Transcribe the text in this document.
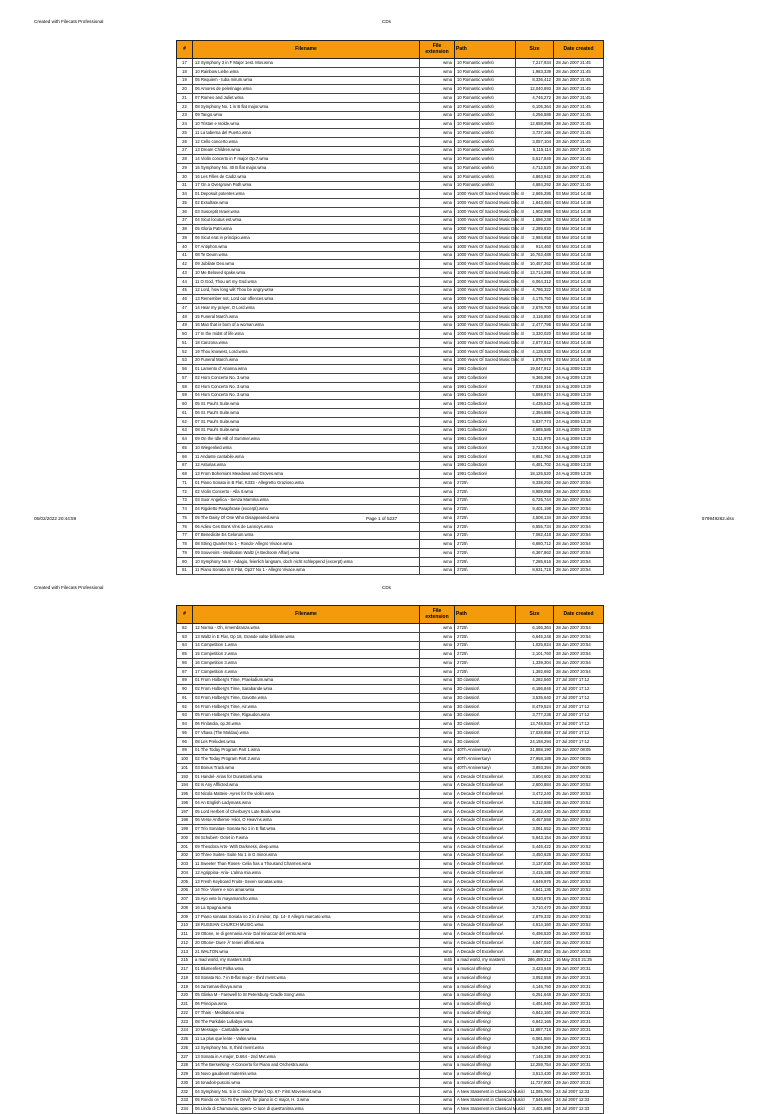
Created with Filecats Professional	CDs
#	Filename	File extension	Path	Size	Date created
17	12 Symphony 3 in F Major 1est. Mov.wma	wma	10 Romantic works\	7,217,934	28 Jun 2007 21:45
18	10 Rainbow Liebe.wma	wma	10 Romantic works\	1,983,339	28 Jun 2007 21:45
19	05 Requiem - tuba mirum.wma	wma	10 Romantic works\	8,336,412	28 Jun 2007 21:45
20	06 Amores de pelerinage.wma	wma	10 Romantic works\	12,040,893	28 Jun 2007 21:45
21	07 Romeo and Juliet.wma	wma	10 Romantic works\	4,746,272	28 Jun 2007 21:45
22	08 Symphony No. 1 in B flat major.wma	wma	10 Romantic works\	6,105,364	28 Jun 2007 21:45
23	09 Tango.wma	wma	10 Romantic works\	4,256,586	28 Jun 2007 21:45
24	10 Tristan e Isolde.wma	wma	10 Romantic works\	12,658,286	28 Jun 2007 21:45
25	11 La taberna del Puerto.wma	wma	10 Romantic works\	3,727,166	28 Jun 2007 21:45
26	12 Cello concerto.wma	wma	10 Romantic works\	3,057,104	28 Jun 2007 21:45
27	13 Dream Children.wma	wma	10 Romantic works\	5,115,114	28 Jun 2007 21:45
28	14 Violin concerto in F major Op.7.wma	wma	10 Romantic works\	5,517,849	28 Jun 2007 21:45
29	15 Symphony No. 40 B flat major.wma	wma	10 Romantic works\	4,712,520	28 Jun 2007 21:45
30	16 Les Filles de Cadiz.wma	wma	10 Romantic works\	4,863,942	28 Jun 2007 21:45
31	17 On a Overgrown Path.wma	wma	10 Romantic works\	4,684,292	28 Jun 2007 21:45
34	01 Deposuit potentes.wma	wma	1000 Years Of Sacred Music Disc 4\	2,665,286	03 Mar 2014 14:48
35	02 Exsultate.wma	wma	1000 Years Of Sacred Music Disc 4\	1,843,484	03 Mar 2014 14:48
36	03 Susceptit Israel.wma	wma	1000 Years Of Sacred Music Disc 4\	1,902,986	03 Mar 2014 14:48
37	04 Sicut locutus est.wma	wma	1000 Years Of Sacred Music Disc 4\	1,686,238	03 Mar 2014 14:48
38	05 Gloria Patri.wma	wma	1000 Years Of Sacred Music Disc 4\	2,289,820	03 Mar 2014 14:48
39	06 Sicut erat in principio.wma	wma	1000 Years Of Sacred Music Disc 4\	2,984,658	03 Mar 2014 14:48
40	07 Antiphon.wma	wma	1000 Years Of Sacred Music Disc 4\	914,460	03 Mar 2014 14:48
41	08 Te Deum.wma	wma	1000 Years Of Sacred Music Disc 4\	16,763,488	03 Mar 2014 14:48
42	09 Jubilate Deo.wma	wma	1000 Years Of Sacred Music Disc 4\	10,457,262	03 Mar 2014 14:48
43	10 Me Beloved spake.wma	wma	1000 Years Of Sacred Music Disc 4\	13,714,288	03 Mar 2014 14:48
44	11 O God, Thou art my God.wma	wma	1000 Years Of Sacred Music Disc 4\	6,064,312	03 Mar 2014 14:48
45	12 Lord, how long wilt Thou be angry.wma	wma	1000 Years Of Sacred Music Disc 4\	4,786,322	03 Mar 2014 14:48
46	13 Remember not, Lord our offences.wma	wma	1000 Years Of Sacred Music Disc 4\	4,175,750	03 Mar 2014 14:48
47	14 Hear my prayer, O Lord.wma	wma	1000 Years Of Sacred Music Disc 4\	2,676,700	03 Mar 2014 14:48
48	15 Funeral March.wma	wma	1000 Years Of Sacred Music Disc 4\	3,116,850	03 Mar 2014 14:48
49	16 Man that is born of a woman.wma	wma	1000 Years Of Sacred Music Disc 4\	2,477,798	03 Mar 2014 14:48
50	17 In the midst of life.wma	wma	1000 Years Of Sacred Music Disc 4\	3,330,020	03 Mar 2014 14:48
51	18 Canzona.wma	wma	1000 Years Of Sacred Music Disc 4\	2,677,812	03 Mar 2014 14:48
52	19 Thou knowest, Lord.wma	wma	1000 Years Of Sacred Music Disc 4\	4,128,632	03 Mar 2014 14:48
53	20 Funeral March.wma	wma	1000 Years Of Sacred Music Disc 4\	1,876,078	03 Mar 2014 14:48
56	01 Lamento d' Arianna.wma	wma	1991 Collection\	19,047,912	24 Aug 2009 13:20
57	02 Horn Concerto No. 3.wma	wma	1991 Collection\	9,365,398	24 Aug 2009 13:20
58	03 Horn Concerto No. 3.wma	wma	1991 Collection\	7,038,916	24 Aug 2009 13:20
59	04 Horn Concerto No. 3.wma	wma	1991 Collection\	5,669,874	24 Aug 2009 13:20
60	05 St. Paul's Suite.wma	wma	1991 Collection\	4,435,542	24 Aug 2009 13:20
61	06 St. Paul's Suite.wma	wma	1991 Collection\	2,394,886	24 Aug 2009 13:20
62	07 St. Paul's Suite.wma	wma	1991 Collection\	5,837,774	24 Aug 2009 13:20
63	08 St. Paul's Suite.wma	wma	1991 Collection\	4,685,586	24 Aug 2009 13:20
64	09 On the Idle Hill of Summer.wma	wma	1991 Collection\	5,211,978	24 Aug 2009 13:20
65	10 Wiegenlied.wma	wma	1991 Collection\	2,723,904	24 Aug 2009 13:20
66	11 Andante cantabile.wma	wma	1991 Collection\	8,651,760	24 Aug 2009 13:20
67	12 Asturias.wma	wma	1991 Collection\	6,481,702	24 Aug 2009 13:20
68	13 From Bohemia's Meadows and Groves.wma	wma	1991 Collection\	18,125,520	24 Aug 2009 13:20
71	01 Piano Sonata in B Flat, K333 - Allegretto Grazioso.wma	wma	2725\	9,338,292	28 Jun 2007 20:54
72	02 Violin Concerto - Alla It.wma	wma	2725\	8,989,058	28 Jun 2007 20:54
73	03 Suor Angelica - Senza Mamma.wma	wma	2725\	6,725,744	28 Jun 2007 20:54
74	04 Rigoletto Paraphrase (excerpt).wma	wma	2725\	9,401,198	28 Jun 2007 20:54
75	05 The Daisy Of One Who Disappeared.wma	wma	2725\	4,508,134	28 Jun 2007 20:54
76	06 Adieu Ces Bons Vins de Lannoys.wma	wma	2725\	6,555,734	28 Jun 2007 20:54
77	07 Benedicite Es Celorum.wma	wma	2725\	7,082,418	28 Jun 2007 20:54
78	08 String Quartet No 1 - Rondo- Allegro Vivace.wma	wma	2725\	6,680,712	28 Jun 2007 20:54
79	09 Souvenirs - Meditation Waltz (A Bedroom Affair).wma	wma	2725\	6,367,862	28 Jun 2007 20:54
80	10 Symphony No 8 - Adagio, feierlich langsam, doch nicht schleppend (excerpt).wma	wma	2725\	7,285,616	28 Jun 2007 20:54
81	11 Piano Sonata in E Flat, Op27 No 1 - Allegro Vivace.wma	wma	2725\	8,631,718	28 Jun 2007 20:54
05/02/2022 20:44:59	Page 1 of 5237	579949262.xlsx
Created with Filecats Professional	CDs
#	Filename	File extension	Path	Size	Date created
82	12 Norma - Oh, rimembranza.wma	wma	2725\	6,166,364	28 Jun 2007 20:54
83	13 Waltz in E Flat, Op 18, Grande valse brillante.wma	wma	2725\	6,645,248	28 Jun 2007 20:54
84	14 Competition 1.wma	wma	2725\	1,025,824	28 Jun 2007 20:54
85	15 Competition 2.wma	wma	2725\	2,101,760	28 Jun 2007 20:54
86	16 Competition 3.wma	wma	2725\	1,339,304	28 Jun 2007 20:54
87	17 Competition 4.wma	wma	2725\	1,392,692	28 Jun 2007 20:54
89	01 From Holberg's Time, Praeludium.wma	wma	3D classics\	4,282,560	27 Jul 2007 17:12
90	02 From Holberg's Time, Sarabande.wma	wma	3D classics\	6,186,846	27 Jul 2007 17:12
91	03 From Holberg's Time, Gavotte.wma	wma	3D classics\	3,535,640	27 Jul 2007 17:12
92	04 From Holberg's Time, Air.wma	wma	3D classics\	8,479,524	27 Jul 2007 17:12
93	05 From Holberg's Time, Rigaudon.wma	wma	3D classics\	3,777,238	27 Jul 2007 17:12
94	06 Finlandia, op.26.wma	wma	3D classics\	13,748,934	27 Jul 2007 17:12
95	07 Vltava (The Moldau).wma	wma	3D classics\	17,028,658	27 Jul 2007 17:12
96	08 Les Preludes.wma	wma	3D classics\	24,158,294	27 Jul 2007 17:12
99	01 The Today Program Part 1.wma	wma	40Th Anniversary\	31,888,190	29 Jun 2007 08:05
100	02 The Today Program Part 2.wma	wma	40Th Anniversary\	27,958,188	29 Jun 2007 08:05
101	03 Bonus Track.wma	wma	40Th Anniversary\	3,893,394	29 Jun 2007 08:05
193	01 Handel- Arias for Durastanti.wma	wma	A Decade Of Excellence\	3,604,602	25 Jun 2007 20:52
194	02 Is Any Afflicted.wma	wma	A Decade Of Excellence\	2,600,884	25 Jun 2007 20:52
195	03 Nicola Matteis- Ayres for the violin.wma	wma	A Decade Of Excellence\	3,472,240	25 Jun 2007 20:52
196	04 An English Ladymass.wma	wma	A Decade Of Excellence\	5,312,586	25 Jun 2007 20:52
197	05 Lord Herbert of Cherbury's Lute Book.wma	wma	A Decade Of Excellence\	2,162,440	25 Jun 2007 20:52
198	06 Verse Anthems- Hiior, O Heav'ns.wma	wma	A Decade Of Excellence\	6,457,558	25 Jun 2007 20:52
199	07 Trio Sonatas- Sonata No 1 in E flat.wma	wma	A Decade Of Excellence\	3,061,552	25 Jun 2007 20:52
200	08 Schubert- Octet in F.wma	wma	A Decade Of Excellence\	5,843,154	25 Jun 2007 20:52
201	09 Theodora Arts- With Darkness, deep.wma	wma	A Decade Of Excellence\	5,446,422	25 Jun 2007 20:52
202	10 Three Suites- Suite No 1 in G minor.wma	wma	A Decade Of Excellence\	3,450,628	25 Jun 2007 20:52
203	11 Sweeter Than Roses- Celia has a Thousand Charmes.wma	wma	A Decade Of Excellence\	3,137,630	25 Jun 2007 20:52
204	12 Agrippina- Aria- L'alma mia.wma	wma	A Decade Of Excellence\	3,415,188	25 Jun 2007 20:52
205	13 Fresh Keyboard Fruits- Seven sonatas.wma	wma	A Decade Of Excellence\	4,649,976	25 Jun 2007 20:52
206	14 Trio- Vivere e non amar.wma	wma	A Decade Of Excellence\	4,641,136	25 Jun 2007 20:52
207	15 Ayo vete lo mayamancho.wma	wma	A Decade Of Excellence\	5,920,678	25 Jun 2007 20:52
208	16 La Spagna.wma	wma	A Decade Of Excellence\	3,710,470	25 Jun 2007 20:52
209	17 Piano sonatas Sonata no 2 in d minor, Op. 14- II Allegro marcato.wma	wma	A Decade Of Excellence\	2,879,332	25 Jun 2007 20:52
210	18 RUSSIAN CHURCH MUSIC.wma	wma	A Decade Of Excellence\	4,614,160	25 Jun 2007 20:52
211	19 Ottone, re di germania Aria- Dal minaccar del vento.wma	wma	A Decade Of Excellence\	6,496,520	25 Jun 2007 20:52
212	20 Ottone- Duet- Â' teneri affetti.wma	wma	A Decade Of Excellence\	4,547,020	25 Jun 2007 20:52
213	21 WALTON.wma	wma	A Decade Of Excellence\	4,887,852	25 Jun 2007 20:52
215	a mad world, my masters.m4b	m4b	a mad world, my masters\	286,489,212	16 May 2010 21:25
217	01 Blumenfest Polka.wma	wma	a musical offering\	3,423,648	29 Jun 2007 20:31
218	03 Sonata No. 7 in B-flat major - third mvmt.wma	wma	a musical offering\	3,052,558	29 Jun 2007 20:31
219	04 zarzamas-illovya.wma	wma	a musical offering\	4,146,750	29 Jun 2007 20:31
220	05 Glinka M - Farewell to St Petersburg-'Cradle Song'.wma	wma	a musical offering\	6,251,648	29 Jun 2007 20:31
221	06 Principia.wma	wma	a musical offering\	4,491,940	29 Jun 2007 20:31
222	07 Thais - Meditation.wma	wma	a musical offering\	6,842,160	29 Jun 2007 20:31
223	08 The Parkdale Lullabye.wma	wma	a musical offering\	6,842,166	29 Jun 2007 20:31
224	10 Message - Cantabile.wma	wma	a musical offering\	11,687,718	29 Jun 2007 20:31
225	11 La plus que lente - Valse.wma	wma	a musical offering\	6,081,584	29 Jun 2007 20:31
226	12 Symphony No. 8, third mvmt.wma	wma	a musical offering\	5,249,390	29 Jun 2007 20:31
227	13 Sonata in A major, D.664 - 2nd Mvt.wma	wma	a musical offering\	7,146,338	29 Jun 2007 20:31
228	14 The Berserking- A Concerto for Piano and Orchestra.wma	wma	a musical offering\	12,259,754	29 Jun 2007 20:31
229	15 Nuvo gaudeant maternis.wma	wma	a musical offering\	3,513,430	29 Jun 2007 20:31
230	16 tonadoit-puscini.wma	wma	a musical offering\	11,727,800	29 Jun 2007 20:31
232	04 Symphony No. 5 in C minor ('Fate') Op. 67- First Movement.wma	wma	A New Statement in Classical Music\	11,065,784	24 Jul 2007 12:33
233	05 Rondo on 'Go To the Devil', for piano in C major, H. 3.wma	wma	A New Statement in Classical Music\	7,545,664	24 Jul 2007 12:33
234	06 Linda di Chamounix, opera- O luce di quest'anima.wma	wma	A New Statement in Classical Music\	3,401,686	24 Jul 2007 12:33
